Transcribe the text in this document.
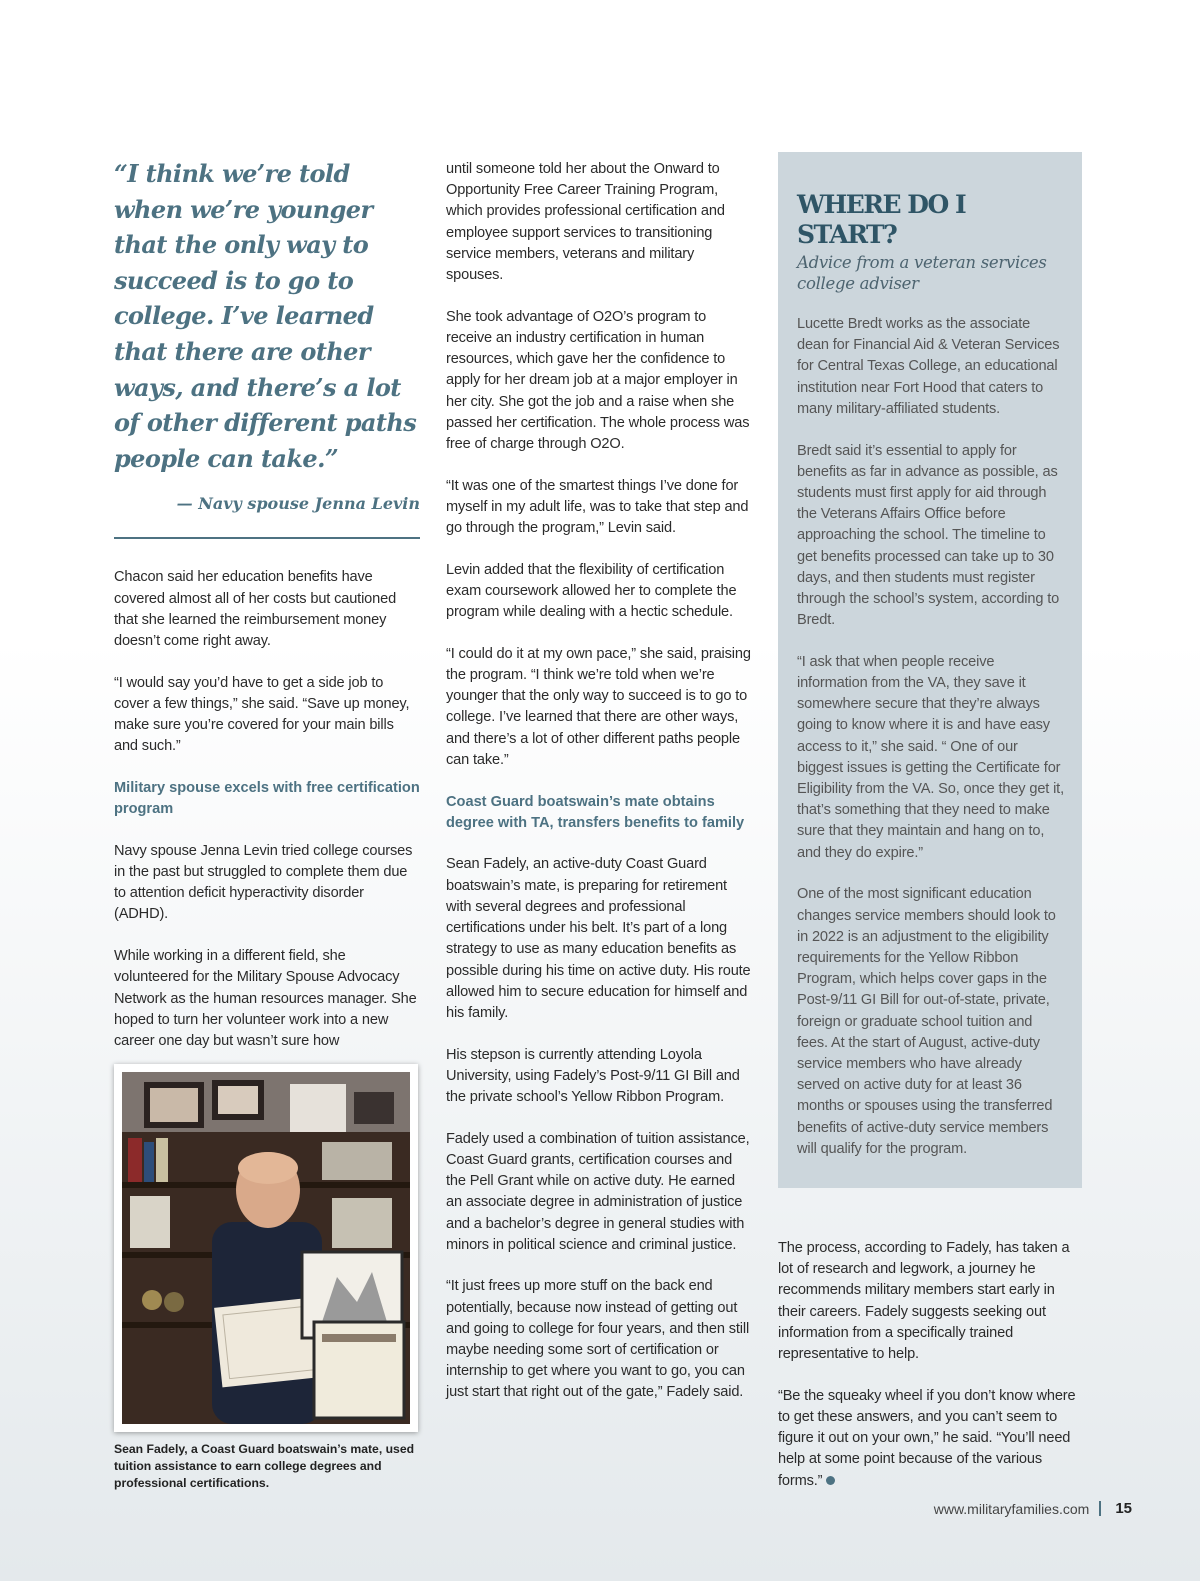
“I think we’re told when we’re younger that the only way to succeed is to go to college. I’ve learned that there are other ways, and there’s a lot of other different paths people can take.”

— Navy spouse Jenna Levin

Chacon said her education benefits have covered almost all of her costs but cautioned that she learned the reimbursement money doesn’t come right away.

“I would say you’d have to get a side job to cover a few things,” she said. “Save up money, make sure you’re covered for your main bills and such.”

Military spouse excels with free certification program

Navy spouse Jenna Levin tried college courses in the past but struggled to complete them due to attention deficit hyperactivity disorder (ADHD).

While working in a different field, she volunteered for the Military Spouse Advocacy Network as the human resources manager. She hoped to turn her volunteer work into a new career one day but wasn’t sure how

Sean Fadely, a Coast Guard boatswain’s mate, used tuition assistance to earn college degrees and professional certifications.

until someone told her about the Onward to Opportunity Free Career Training Program, which provides professional certification and employee support services to transitioning service members, veterans and military spouses.

She took advantage of O2O’s program to receive an industry certification in human resources, which gave her the confidence to apply for her dream job at a major employer in her city. She got the job and a raise when she passed her certification. The whole process was free of charge through O2O.

“It was one of the smartest things I’ve done for myself in my adult life, was to take that step and go through the program,” Levin said.

Levin added that the flexibility of certification exam coursework allowed her to complete the program while dealing with a hectic schedule.

“I could do it at my own pace,” she said, praising the program. “I think we’re told when we’re younger that the only way to succeed is to go to college. I’ve learned that there are other ways, and there’s a lot of other different paths people can take.”

Coast Guard boatswain’s mate obtains degree with TA, transfers benefits to family

Sean Fadely, an active-duty Coast Guard boatswain’s mate, is preparing for retirement with several degrees and professional certifications under his belt. It’s part of a long strategy to use as many education benefits as possible during his time on active duty. His route allowed him to secure education for himself and his family.

His stepson is currently attending Loyola University, using Fadely’s Post-9/11 GI Bill and the private school’s Yellow Ribbon Program.

Fadely used a combination of tuition assistance, Coast Guard grants, certification courses and the Pell Grant while on active duty. He earned an associate degree in administration of justice and a bachelor’s degree in general studies with minors in political science and criminal justice.

“It just frees up more stuff on the back end potentially, because now instead of getting out and going to college for four years, and then still maybe needing some sort of certification or internship to get where you want to go, you can just start that right out of the gate,” Fadely said.

WHERE DO I START?
Advice from a veteran services college adviser

Lucette Bredt works as the associate dean for Financial Aid & Veteran Services for Central Texas College, an educational institution near Fort Hood that caters to many military-affiliated students.

Bredt said it’s essential to apply for benefits as far in advance as possible, as students must first apply for aid through the Veterans Affairs Office before approaching the school. The timeline to get benefits processed can take up to 30 days, and then students must register through the school’s system, according to Bredt.

“I ask that when people receive information from the VA, they save it somewhere secure that they’re always going to know where it is and have easy access to it,” she said. “ One of our biggest issues is getting the Certificate for Eligibility from the VA. So, once they get it, that’s something that they need to make sure that they maintain and hang on to, and they do expire.”

One of the most significant education changes service members should look to in 2022 is an adjustment to the eligibility requirements for the Yellow Ribbon Program, which helps cover gaps in the Post-9/11 GI Bill for out-of-state, private, foreign or graduate school tuition and fees. At the start of August, active-duty service members who have already served on active duty for at least 36 months or spouses using the transferred benefits of active-duty service members will qualify for the program.

The process, according to Fadely, has taken a lot of research and legwork, a journey he recommends military members start early in their careers. Fadely suggests seeking out information from a specifically trained representative to help.

“Be the squeaky wheel if you don’t know where to get these answers, and you can’t seem to figure it out on your own,” he said. “You’ll need help at some point because of the various forms.”

www.militaryfamilies.com 15
